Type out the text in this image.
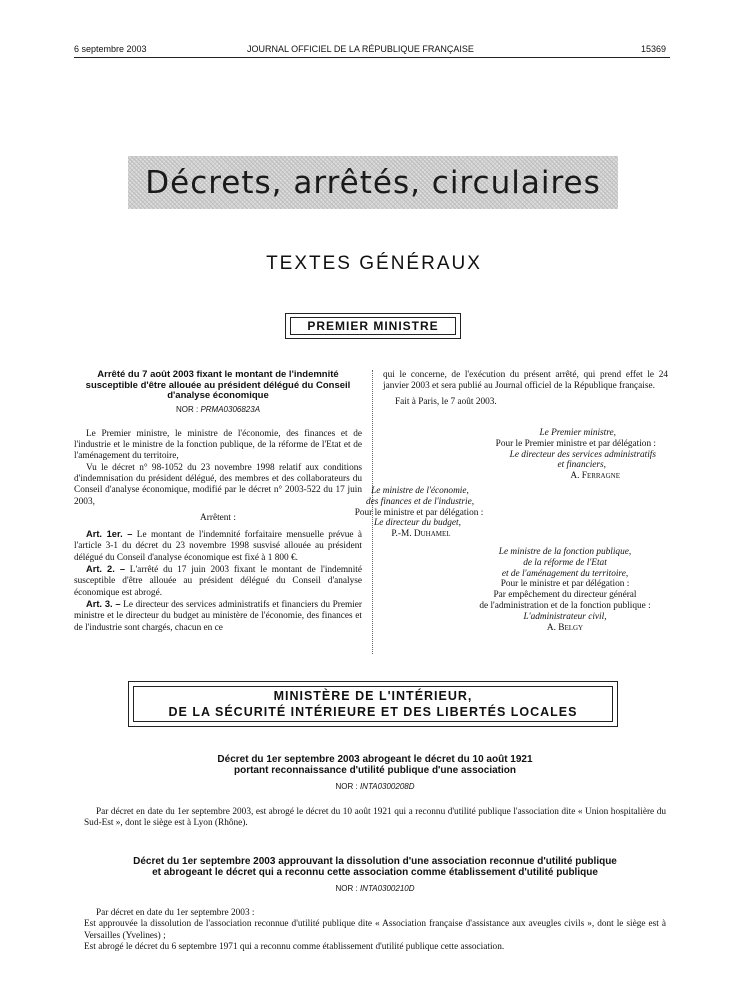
6 septembre 2003	JOURNAL OFFICIEL DE LA RÉPUBLIQUE FRANÇAISE	15369
Décrets, arrêtés, circulaires
TEXTES GÉNÉRAUX
PREMIER MINISTRE
Arrêté du 7 août 2003 fixant le montant de l'indemnité susceptible d'être allouée au président délégué du Conseil d'analyse économique
NOR : PRMA0306823A

Le Premier ministre, le ministre de l'économie, des finances et de l'industrie et le ministre de la fonction publique, de la réforme de l'Etat et de l'aménagement du territoire,

Vu le décret n° 98-1052 du 23 novembre 1998 relatif aux conditions d'indemnisation du président délégué, des membres et des collaborateurs du Conseil d'analyse économique, modifié par le décret n° 2003-522 du 17 juin 2003,

Arrêtent :

Art. 1er. – Le montant de l'indemnité forfaitaire mensuelle prévue à l'article 3-1 du décret du 23 novembre 1998 susvisé allouée au président délégué du Conseil d'analyse économique est fixé à 1 800 €.

Art. 2. – L'arrêté du 17 juin 2003 fixant le montant de l'indemnité susceptible d'être allouée au président délégué du Conseil d'analyse économique est abrogé.

Art. 3. – Le directeur des services administratifs et financiers du Premier ministre et le directeur du budget au ministère de l'économie, des finances et de l'industrie sont chargés, chacun en ce

qui le concerne, de l'exécution du présent arrêté, qui prend effet le 24 janvier 2003 et sera publié au Journal officiel de la République française.

Fait à Paris, le 7 août 2003.

Le Premier ministre,
Pour le Premier ministre et par délégation :
Le directeur des services administratifs
et financiers,
A. Ferragne
Le ministre de l'économie,
des finances et de l'industrie,
Pour le ministre et par délégation :
Le directeur du budget,
P.-M. Duhamel
Le ministre de la fonction publique,
de la réforme de l'Etat
et de l'aménagement du territoire,
Pour le ministre et par délégation :
Par empêchement du directeur général
de l'administration et de la fonction publique :
L'administrateur civil,
A. Belgy
MINISTÈRE DE L'INTÉRIEUR,
DE LA SÉCURITÉ INTÉRIEURE ET DES LIBERTÉS LOCALES
Décret du 1er septembre 2003 abrogeant le décret du 10 août 1921
portant reconnaissance d'utilité publique d'une association
NOR : INTA0300208D

Par décret en date du 1er septembre 2003, est abrogé le décret du 10 août 1921 qui a reconnu d'utilité publique l'association dite « Union hospitalière du Sud-Est », dont le siège est à Lyon (Rhône).

Décret du 1er septembre 2003 approuvant la dissolution d'une association reconnue d'utilité publique
et abrogeant le décret qui a reconnu cette association comme établissement d'utilité publique
NOR : INTA0300210D

Par décret en date du 1er septembre 2003 :

Est approuvée la dissolution de l'association reconnue d'utilité publique dite « Association française d'assistance aux aveugles civils », dont le siège est à Versailles (Yvelines) ;

Est abrogé le décret du 6 septembre 1971 qui a reconnu comme établissement d'utilité publique cette association.
